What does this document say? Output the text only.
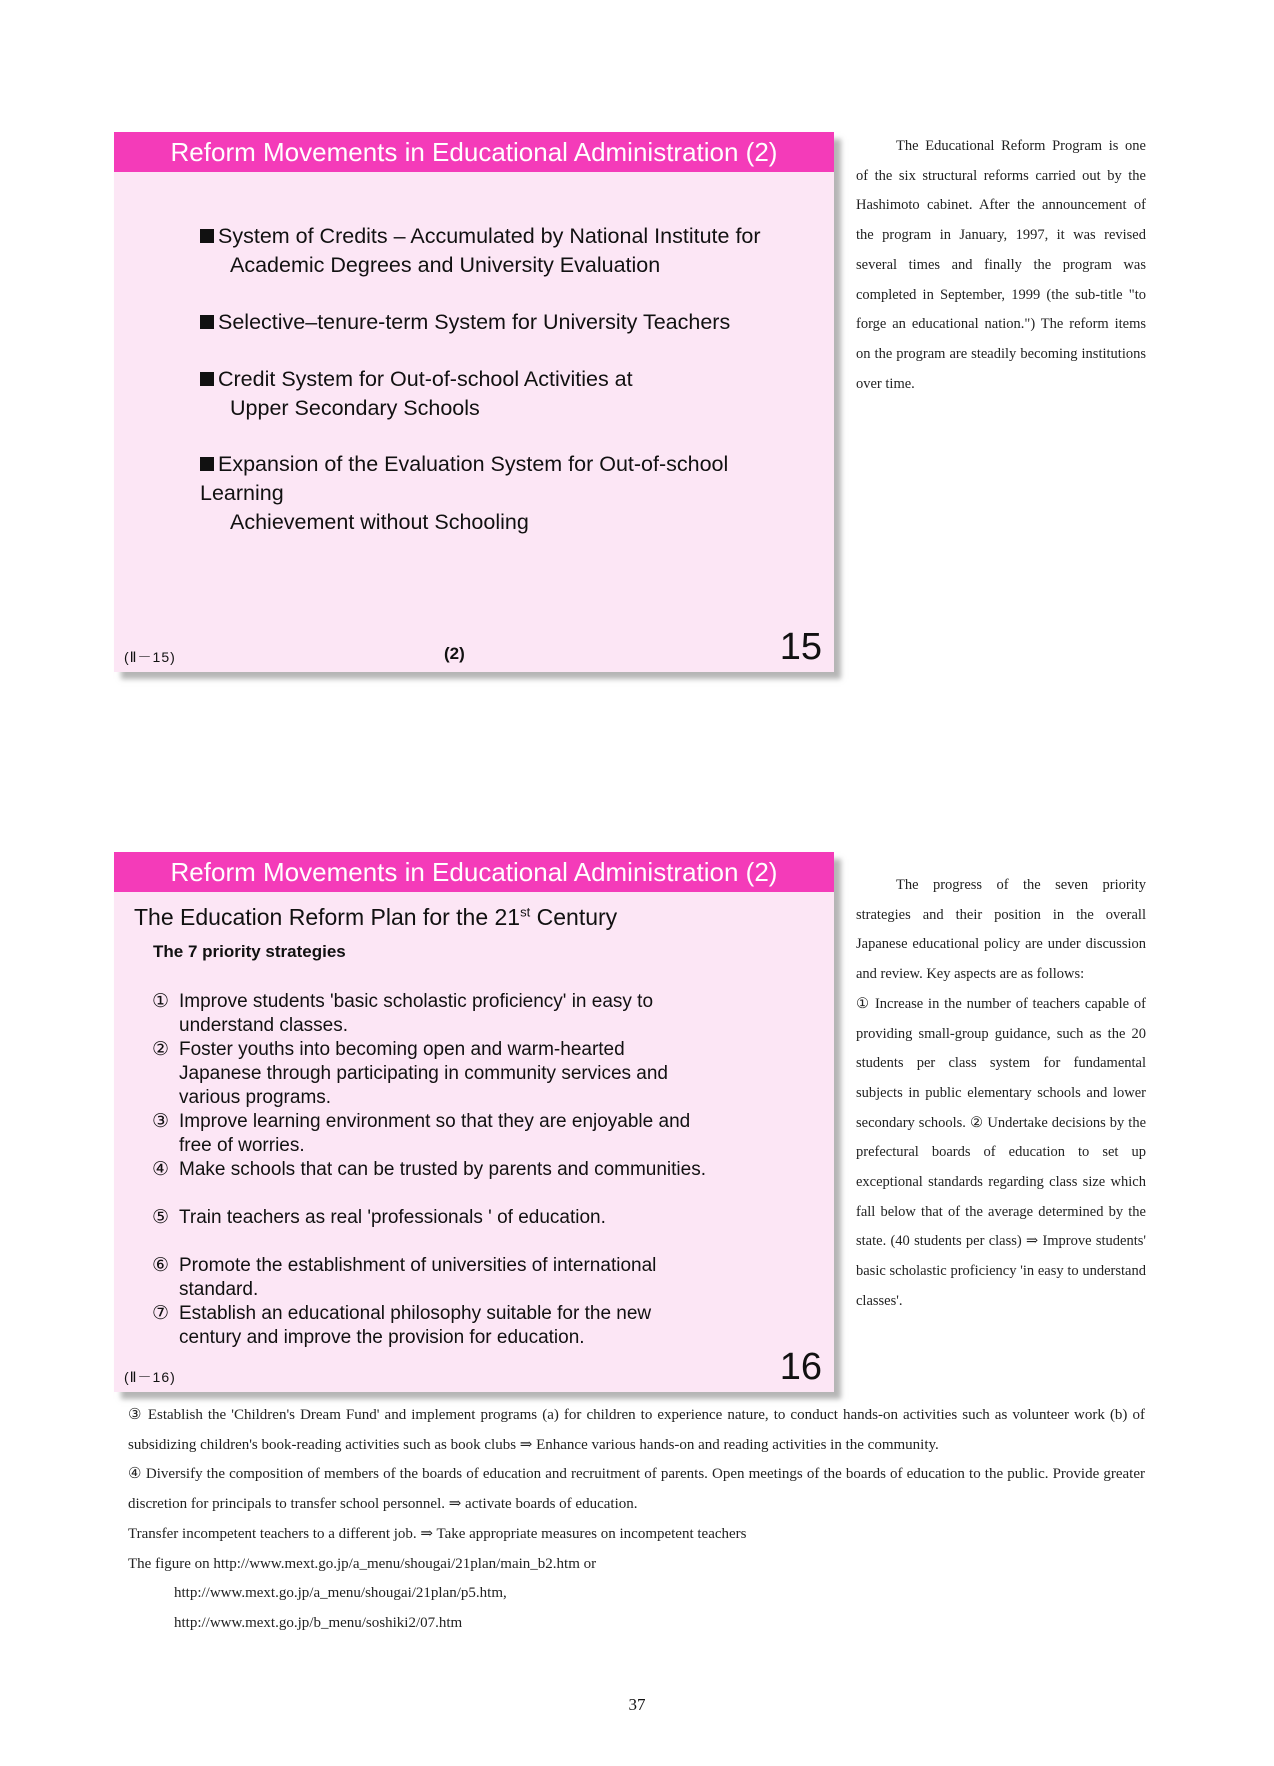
Reform Movements in Educational Administration (2)
System of Credits – Accumulated by National Institute for
Academic Degrees and University Evaluation
Selective–tenure-term System for University Teachers
Credit System for Out-of-school Activities at
Upper Secondary Schools
Expansion of the Evaluation System for Out-of-school
Learning
Achievement without Schooling
(Ⅱ－15)	(2)	15

The Educational Reform Program is one of the six structural reforms carried out by the Hashimoto cabinet. After the announcement of the program in January, 1997, it was revised several times and finally the program was completed in September, 1999 (the sub-title "to forge an educational nation.") The reform items on the program are steadily becoming institutions over time.

Reform Movements in Educational Administration (2)
The Education Reform Plan for the 21st Century
The 7 priority strategies
① Improve students 'basic scholastic proficiency' in easy to
understand classes.
② Foster youths into becoming open and warm-hearted
Japanese through participating in community services and
various programs.
③ Improve learning environment so that they are enjoyable and
free of worries.
④ Make schools that can be trusted by parents and communities.
⑤ Train teachers as real 'professionals ' of education.
⑥ Promote the establishment of universities of international
standard.
⑦ Establish an educational philosophy suitable for the new
century and improve the provision for education.
(Ⅱ－16)	16

The progress of the seven priority strategies and their position in the overall Japanese educational policy are under discussion and review. Key aspects are as follows:

① Increase in the number of teachers capable of providing small-group guidance, such as the 20 students per class system for fundamental subjects in public elementary schools and lower secondary schools. ② Undertake decisions by the prefectural boards of education to set up exceptional standards regarding class size which fall below that of the average determined by the state. (40 students per class) ⇒ Improve students' basic scholastic proficiency 'in easy to understand classes'.

③ Establish the 'Children's Dream Fund' and implement programs (a) for children to experience nature, to conduct hands-on activities such as volunteer work (b) of subsidizing children's book-reading activities such as book clubs ⇒ Enhance various hands-on and reading activities in the community.

④ Diversify the composition of members of the boards of education and recruitment of parents. Open meetings of the boards of education to the public. Provide greater discretion for principals to transfer school personnel. ⇒ activate boards of education.

Transfer incompetent teachers to a different job. ⇒ Take appropriate measures on incompetent teachers

The figure on http://www.mext.go.jp/a_menu/shougai/21plan/main_b2.htm or

http://www.mext.go.jp/a_menu/shougai/21plan/p5.htm,

http://www.mext.go.jp/b_menu/soshiki2/07.htm

37
